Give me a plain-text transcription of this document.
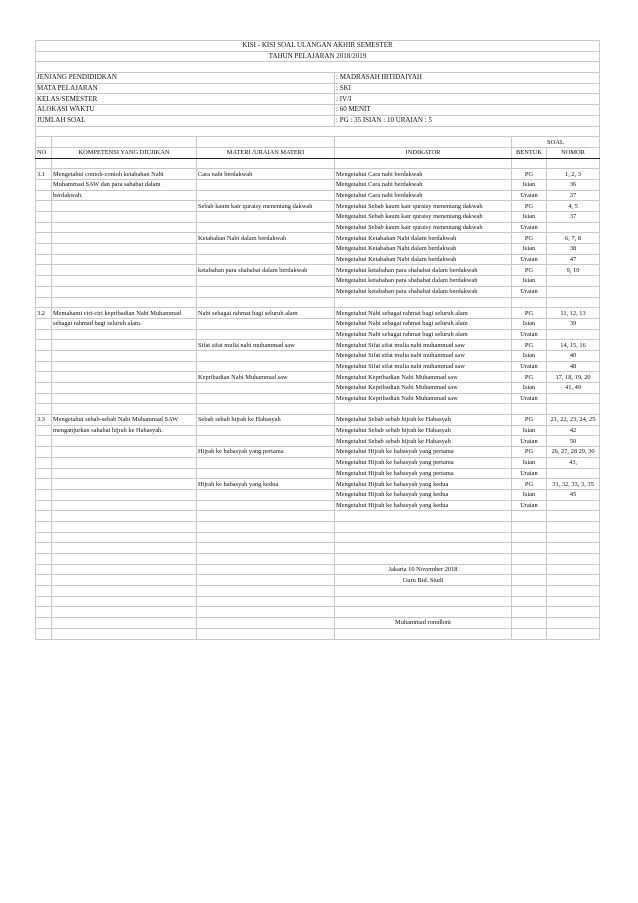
KISI - KISI SOAL ULANGAN AKHIR SEMESTER					
TAHUN PELAJARAN 2018/2019					

JENJANG PENDIDIDKAN			: MADRASAH IBTIDAIYAH		
MATA PELAJARAN			: SKI		
KELAS/SEMESTER			: IV/I		
ALOKASI WAKTU			: 60 MENIT		
JUMLAH SOAL			: PG : 35 ISIAN : 10 URAIAN : 5		

				SOAL	
NO	KOMPETENSI YANG DIUJIKAN	MATERI /URAIAN MATERI	INDIKATOR	BENTUK	NOMOR

3.1	Mengetahui contoh-contoh ketabahan Nabi	Cara nabi berdakwah	Mengetahui Cara nabi berdakwah	PG	1, 2, 3
	Muhammad SAW dan para sahabat dalam		Mengetahui Cara nabi berdakwah	Isian	36
	berdakwah.		Mengetahui Cara nabi berdakwah	Uraian	37
		Sebab kaum kair quraisy menentang dakwah	Mengetahui Sebab kaum kair quraisy menentang dakwah	PG	4, 5
			Mengetahui Sebab kaum kair quraisy menentang dakwah	Isian	37
			Mengetahui Sebab kaum kair quraisy menentang dakwah	Uraian	
		Ketabahan Nabi dalam berdakwah	Mengetahui Ketabahan Nabi dalam berdakwah	PG	6, 7, 8
			Mengetahui Ketabahan Nabi dalam berdakwah	Isian	38
			Mengetahui Ketabahan Nabi dalam berdakwah	Uraian	47
		ketabahan para shahabat dalam berdakwah	Mengetahui ketabahan para shahabat dalam berdakwah	PG	9, 10
			Mengetahui ketabahan para shahabat dalam berdakwah	Isian	
			Mengetahui ketabahan para shahabat dalam berdakwah	Uraian	

3.2	Memahami ciri-ciri kepribadian Nabi Muhammad	Nabi sebagai rahmat bagi seluruh alam	Mengetahui Nabi sebagai rahmat bagi seluruh alam	PG	11, 12, 13
	sebagai rahmad bagi seluruh alam.		Mengetahui Nabi sebagai rahmat bagi seluruh alam	Isian	39
			Mengetahui Nabi sebagai rahmat bagi seluruh alam	Uraian	
		Sifat sifat mulia nabi muhammad saw	Mengetahui Sifat sifat mulia nabi muhammad saw	PG	14, 15, 16
			Mengetahui Sifat sifat mulia nabi muhammad saw	Isian	40
			Mengetahui Sifat sifat mulia nabi muhammad saw	Uraian	48
		Kepribadian Nabi Muhammad saw	Mengetahui Kepribadian Nabi Muhammad saw	PG	17, 18, 19, 20
			Mengetahui Kepribadian Nabi Muhammad saw	Isian	41, 49
			Mengetahui Kepribadian Nabi Muhammad saw	Uraian	

3.3	Mengetahui sebab-sebab Nabi Muhammad SAW	Sebab sebab hijrah ke Habasyah	Mengetahui Sebab sebab hijrah ke Habasyah	PG	21, 22, 23, 24, 25
	menganjurkan sahabat hijrah ke Habasyah.		Mengetahui Sebab sebab hijrah ke Habasyah	Isian	42
			Mengetahui Sebab sebab hijrah ke Habasyah	Uraian	50
		Hijrah ke habasyah yang pertama	Mengetahui Hijrah ke habasyah yang pertama	PG	26, 27, 28 29, 30
			Mengetahui Hijrah ke habasyah yang pertama	Isian	43,
			Mengetahui Hijrah ke habasyah yang pertama	Uraian	
		Hijrah ke habasyah yang kedua	Mengetahui Hijrah ke habasyah yang kedua	PG	31, 32, 33, 3, 35
			Mengetahui Hijrah ke habasyah yang kedua	Isian	45
			Mengetahui Hijrah ke habasyah yang kedua	Uraian	

			Jakarta 10 November 2018		
			Guru Bid. Studi		

			Muhammad romdloni		
